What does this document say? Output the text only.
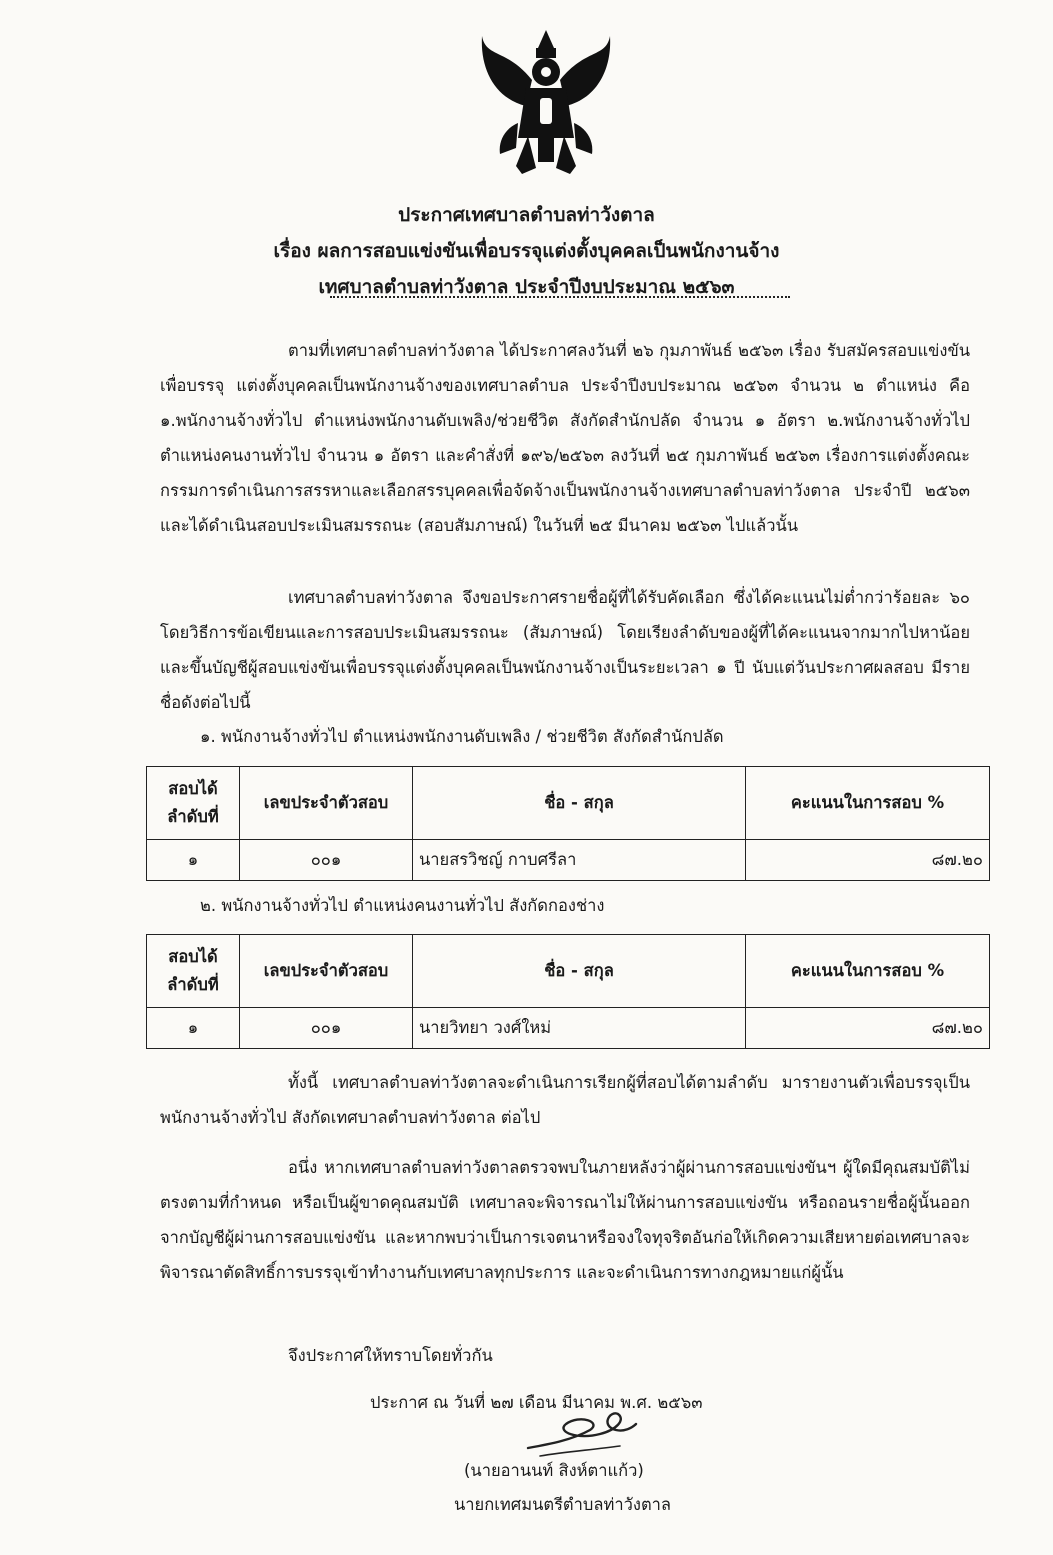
ประกาศเทศบาลตำบลท่าวังตาล
เรื่อง ผลการสอบแข่งขันเพื่อบรรจุแต่งตั้งบุคคลเป็นพนักงานจ้าง
เทศบาลตำบลท่าวังตาล ประจำปีงบประมาณ ๒๕๖๓
ตามที่เทศบาลตำบลท่าวังตาล ได้ประกาศลงวันที่ ๒๖ กุมภาพันธ์ ๒๕๖๓ เรื่อง รับสมัครสอบแข่งขันเพื่อบรรจุ แต่งตั้งบุคคลเป็นพนักงานจ้างของเทศบาลตำบล ประจำปีงบประมาณ ๒๕๖๓ จำนวน ๒ ตำแหน่ง คือ ๑.พนักงานจ้างทั่วไป ตำแหน่งพนักงานดับเพลิง/ช่วยชีวิต สังกัดสำนักปลัด จำนวน ๑ อัตรา ๒.พนักงานจ้างทั่วไป ตำแหน่งคนงานทั่วไป จำนวน ๑ อัตรา และคำสั่งที่ ๑๙๖/๒๕๖๓ ลงวันที่ ๒๕ กุมภาพันธ์ ๒๕๖๓ เรื่องการแต่งตั้งคณะกรรมการดำเนินการสรรหาและเลือกสรรบุคคลเพื่อจัดจ้างเป็นพนักงานจ้างเทศบาลตำบลท่าวังตาล ประจำปี ๒๕๖๓ และได้ดำเนินสอบประเมินสมรรถนะ (สอบสัมภาษณ์) ในวันที่ ๒๕ มีนาคม ๒๕๖๓ ไปแล้วนั้น
เทศบาลตำบลท่าวังตาล จึงขอประกาศรายชื่อผู้ที่ได้รับคัดเลือก ซึ่งได้คะแนนไม่ต่ำกว่าร้อยละ ๖๐ โดยวิธีการข้อเขียนและการสอบประเมินสมรรถนะ (สัมภาษณ์) โดยเรียงลำดับของผู้ที่ได้คะแนนจากมากไปหาน้อย และขึ้นบัญชีผู้สอบแข่งขันเพื่อบรรจุแต่งตั้งบุคคลเป็นพนักงานจ้างเป็นระยะเวลา ๑ ปี นับแต่วันประกาศผลสอบ มีรายชื่อดังต่อไปนี้
๑. พนักงานจ้างทั่วไป ตำแหน่งพนักงานดับเพลิง / ช่วยชีวิต สังกัดสำนักปลัด
สอบได้
ลำดับที่	เลขประจำตัวสอบ	ชื่อ - สกุล	คะแนนในการสอบ %
๑	๐๐๑	นายสรวิชญ์ กาบศรีลา	๘๗.๒๐
๒. พนักงานจ้างทั่วไป ตำแหน่งคนงานทั่วไป สังกัดกองช่าง
สอบได้
ลำดับที่	เลขประจำตัวสอบ	ชื่อ - สกุล	คะแนนในการสอบ %
๑	๐๐๑	นายวิทยา วงศ์ใหม่	๘๗.๒๐
ทั้งนี้ เทศบาลตำบลท่าวังตาลจะดำเนินการเรียกผู้ที่สอบได้ตามลำดับ มารายงานตัวเพื่อบรรจุเป็นพนักงานจ้างทั่วไป สังกัดเทศบาลตำบลท่าวังตาล ต่อไป
อนึ่ง หากเทศบาลตำบลท่าวังตาลตรวจพบในภายหลังว่าผู้ผ่านการสอบแข่งขันฯ ผู้ใดมีคุณสมบัติไม่ตรงตามที่กำหนด หรือเป็นผู้ขาดคุณสมบัติ เทศบาลจะพิจารณาไม่ให้ผ่านการสอบแข่งขัน หรือถอนรายชื่อผู้นั้นออกจากบัญชีผู้ผ่านการสอบแข่งขัน และหากพบว่าเป็นการเจตนาหรือจงใจทุจริตอันก่อให้เกิดความเสียหายต่อเทศบาลจะพิจารณาตัดสิทธิ์การบรรจุเข้าทำงานกับเทศบาลทุกประการ และจะดำเนินการทางกฎหมายแก่ผู้นั้น
จึงประกาศให้ทราบโดยทั่วกัน
ประกาศ ณ วันที่ ๒๗ เดือน มีนาคม พ.ศ. ๒๕๖๓
(นายอานนท์ สิงห์ตาแก้ว)
นายกเทศมนตรีตำบลท่าวังตาล
